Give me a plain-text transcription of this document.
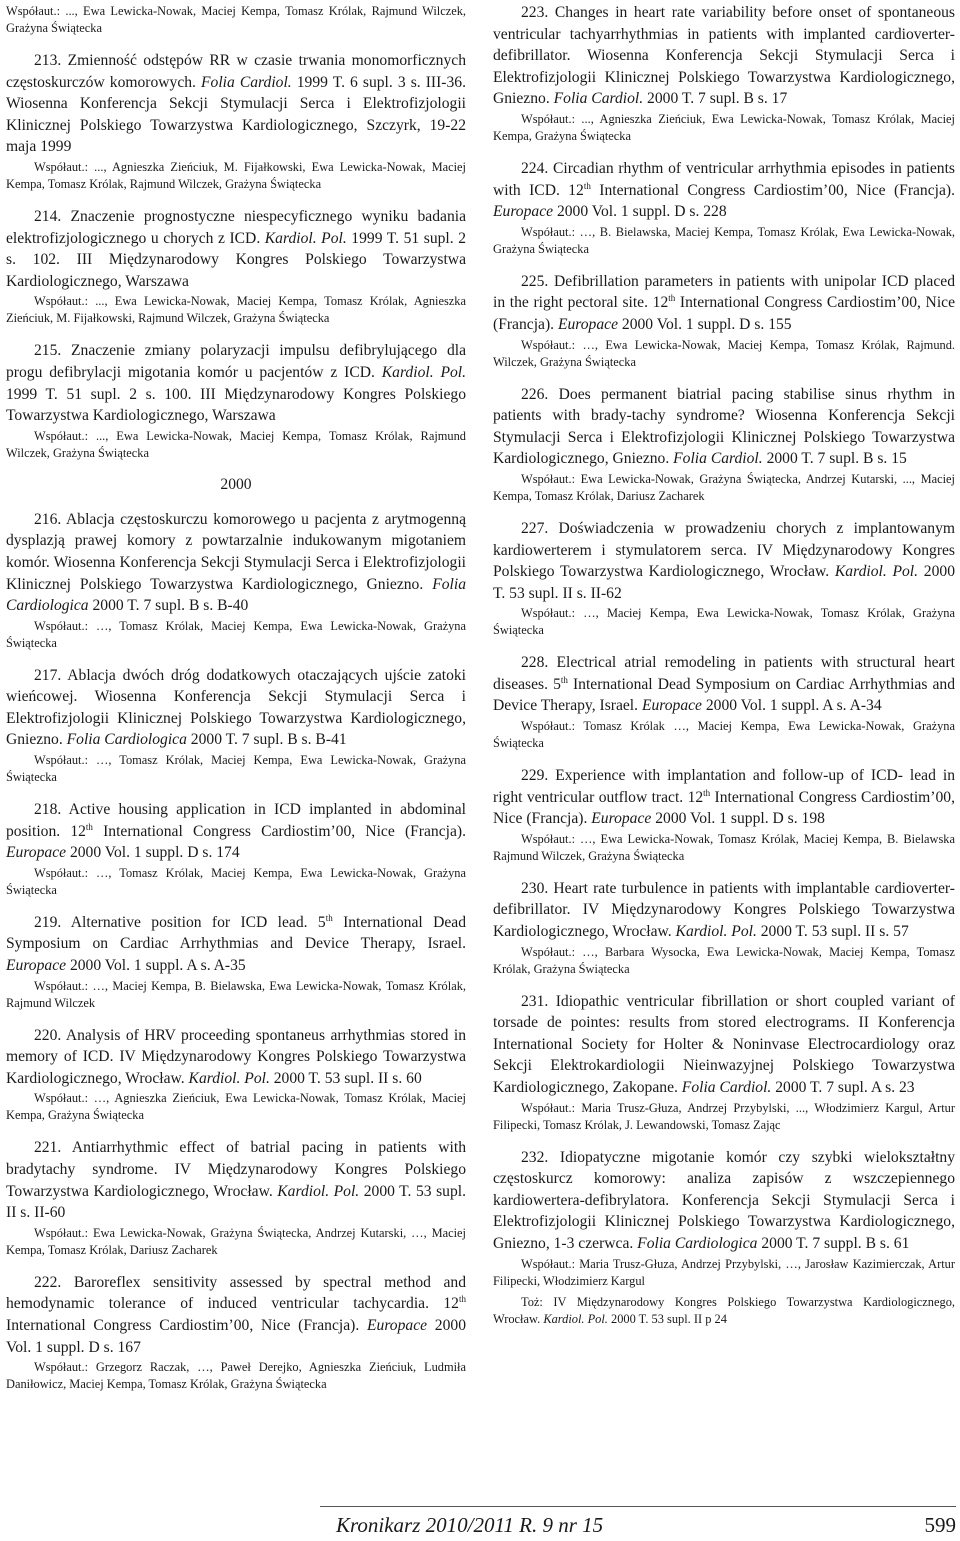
Współaut.: ..., Ewa Lewicka-Nowak, Maciej Kempa, Tomasz Królak, Rajmund Wilczek, Grażyna Świątecka

213. Zmienność odstępów RR w czasie trwania monomorficznych częstoskurczów komorowych. Folia Cardiol. 1999 T. 6 supl. 3 s. III-36. Wiosenna Konferencja Sekcji Stymulacji Serca i Elektrofizjologii Klinicznej Polskiego Towarzystwa Kardiologicznego, Szczyrk, 19-22 maja 1999

Współaut.: ..., Agnieszka Zieńciuk, M. Fijałkowski, Ewa Lewicka-Nowak, Maciej Kempa, Tomasz Królak, Rajmund Wilczek, Grażyna Świątecka

214. Znaczenie prognostyczne niespecyficznego wyniku badania elektrofizjologicznego u chorych z ICD. Kardiol. Pol. 1999 T. 51 supl. 2 s. 102. III Międzynarodowy Kongres Polskiego Towarzystwa Kardiologicznego, Warszawa

Współaut.: ..., Ewa Lewicka-Nowak, Maciej Kempa, Tomasz Królak, Agnieszka Zieńciuk, M. Fijałkowski, Rajmund Wilczek, Grażyna Świątecka

215. Znaczenie zmiany polaryzacji impulsu defibrylującego dla progu defibrylacji migotania komór u pacjentów z ICD. Kardiol. Pol. 1999 T. 51 supl. 2 s. 100. III Międzynarodowy Kongres Polskiego Towarzystwa Kardiologicznego, Warszawa

Współaut.: ..., Ewa Lewicka-Nowak, Maciej Kempa, Tomasz Królak, Rajmund Wilczek, Grażyna Świątecka

2000

216. Ablacja częstoskurczu komorowego u pacjenta z arytmogenną dysplazją prawej komory z powtarzalnie indukowanym migotaniem komór. Wiosenna Konferencja Sekcji Stymulacji Serca i Elektrofizjologii Klinicznej Polskiego Towarzystwa Kardiologicznego, Gniezno. Folia Cardiologica 2000 T. 7 supl. B s. B-40

Współaut.: …, Tomasz Królak, Maciej Kempa, Ewa Lewicka-Nowak, Grażyna Świątecka

217. Ablacja dwóch dróg dodatkowych otaczających ujście zatoki wieńcowej. Wiosenna Konferencja Sekcji Stymulacji Serca i Elektrofizjologii Klinicznej Polskiego Towarzystwa Kardiologicznego, Gniezno. Folia Cardiologica 2000 T. 7 supl. B s. B-41

Współaut.: …, Tomasz Królak, Maciej Kempa, Ewa Lewicka-Nowak, Grażyna Świątecka

218. Active housing application in ICD implanted in abdominal position. 12th International Congress Cardiostim’00, Nice (Francja). Europace 2000 Vol. 1 suppl. D s. 174

Współaut.: …, Tomasz Królak, Maciej Kempa, Ewa Lewicka-Nowak, Grażyna Świątecka

219. Alternative position for ICD lead. 5th International Dead Symposium on Cardiac Arrhythmias and Device Therapy, Israel. Europace 2000 Vol. 1 suppl. A s. A-35

Współaut.: …, Maciej Kempa, B. Bielawska, Ewa Lewicka-Nowak, Tomasz Królak, Rajmund Wilczek

220. Analysis of HRV proceeding spontaneus arrhythmias stored in memory of ICD. IV Międzynarodowy Kongres Polskiego Towarzystwa Kardiologicznego, Wrocław. Kardiol. Pol. 2000 T. 53 supl. II s. 60

Współaut.: …, Agnieszka Zieńciuk, Ewa Lewicka-Nowak, Tomasz Królak, Maciej Kempa, Grażyna Świątecka

221. Antiarrhythmic effect of batrial pacing in patients with bradytachy syndrome. IV Międzynarodowy Kongres Polskiego Towarzystwa Kardiologicznego, Wrocław. Kardiol. Pol. 2000 T. 53 supl. II s. II-60

Współaut.: Ewa Lewicka-Nowak, Grażyna Świątecka, Andrzej Kutarski, …, Maciej Kempa, Tomasz Królak, Dariusz Zacharek

222. Baroreflex sensitivity assessed by spectral method and hemodynamic tolerance of induced ventricular tachycardia. 12th International Congress Cardiostim’00, Nice (Francja). Europace 2000 Vol. 1 suppl. D s. 167

Współaut.: Grzegorz Raczak, …, Paweł Derejko, Agnieszka Zieńciuk, Ludmiła Daniłowicz, Maciej Kempa, Tomasz Królak, Grażyna Świątecka

223. Changes in heart rate variability before onset of spontaneous ventricular tachyarrhythmias in patients with implanted cardioverter-defibrillator. Wiosenna Konferencja Sekcji Stymulacji Serca i Elektrofizjologii Klinicznej Polskiego Towarzystwa Kardiologicznego, Gniezno. Folia Cardiol. 2000 T. 7 supl. B s. 17

Współaut.: ..., Agnieszka Zieńciuk, Ewa Lewicka-Nowak, Tomasz Królak, Maciej Kempa, Grażyna Świątecka

224. Circadian rhythm of ventricular arrhythmia episodes in patients with ICD. 12th International Congress Cardiostim’00, Nice (Francja). Europace 2000 Vol. 1 suppl. D s. 228

Współaut.: …, B. Bielawska, Maciej Kempa, Tomasz Królak, Ewa Lewicka-Nowak, Grażyna Świątecka

225. Defibrillation parameters in patients with unipolar ICD placed in the right pectoral site. 12th International Congress Cardiostim’00, Nice (Francja). Europace 2000 Vol. 1 suppl. D s. 155

Współaut.: …, Ewa Lewicka-Nowak, Maciej Kempa, Tomasz Królak, Rajmund. Wilczek, Grażyna Świątecka

226. Does permanent biatrial pacing stabilise sinus rhythm in patients with brady-tachy syndrome? Wiosenna Konferencja Sekcji Stymulacji Serca i Elektrofizjologii Klinicznej Polskiego Towarzystwa Kardiologicznego, Gniezno. Folia Cardiol. 2000 T. 7 supl. B s. 15

Współaut.: Ewa Lewicka-Nowak, Grażyna Świątecka, Andrzej Kutarski, ..., Maciej Kempa, Tomasz Królak, Dariusz Zacharek

227. Doświadczenia w prowadzeniu chorych z implantowanym kardiowerterem i stymulatorem serca. IV Międzynarodowy Kongres Polskiego Towarzystwa Kardiologicznego, Wrocław. Kardiol. Pol. 2000 T. 53 supl. II s. II-62

Współaut.: …, Maciej Kempa, Ewa Lewicka-Nowak, Tomasz Królak, Grażyna Świątecka

228. Electrical atrial remodeling in patients with structural heart diseases. 5th International Dead Symposium on Cardiac Arrhythmias and Device Therapy, Israel. Europace 2000 Vol. 1 suppl. A s. A-34

Współaut.: Tomasz Królak …, Maciej Kempa, Ewa Lewicka-Nowak, Grażyna Świątecka

229. Experience with implantation and follow-up of ICD- lead in right ventricular outflow tract. 12th International Congress Cardiostim’00, Nice (Francja). Europace 2000 Vol. 1 suppl. D s. 198

Współaut.: …, Ewa Lewicka-Nowak, Tomasz Królak, Maciej Kempa, B. Bielawska Rajmund Wilczek, Grażyna Świątecka

230. Heart rate turbulence in patients with implantable cardioverter-defibrillator. IV Międzynarodowy Kongres Polskiego Towarzystwa Kardiologicznego, Wrocław. Kardiol. Pol. 2000 T. 53 supl. II s. 57

Współaut.: …, Barbara Wysocka, Ewa Lewicka-Nowak, Maciej Kempa, Tomasz Królak, Grażyna Świątecka

231. Idiopathic ventricular fibrillation or short coupled variant of torsade de pointes: results from stored electrograms. II Konferencja International Society for Holter & Noninvase Electrocardiology oraz Sekcji Elektrokardiologii Nieinwazyjnej Polskiego Towarzystwa Kardiologicznego, Zakopane. Folia Cardiol. 2000 T. 7 supl. A s. 23

Współaut.: Maria Trusz-Głuza, Andrzej Przybylski, ..., Włodzimierz Kargul, Artur Filipecki, Tomasz Królak, J. Lewandowski, Tomasz Zając

232. Idiopatyczne migotanie komór czy szybki wielokształtny częstoskurcz komorowy: analiza zapisów z wszczepiennego kardiowertera-defibrylatora. Konferencja Sekcji Stymulacji Serca i Elektrofizjologii Klinicznej Polskiego Towarzystwa Kardiologicznego, Gniezno, 1-3 czerwca. Folia Cardiologica 2000 T. 7 suppl. B s. 61

Współaut.: Maria Trusz-Głuza, Andrzej Przybylski, …, Jarosław Kazimierczak, Artur Filipecki, Włodzimierz Kargul

Toż: IV Międzynarodowy Kongres Polskiego Towarzystwa Kardiologicznego, Wrocław. Kardiol. Pol. 2000 T. 53 supl. II p 24

Kronikarz 2010/2011 R. 9 nr 15	599
